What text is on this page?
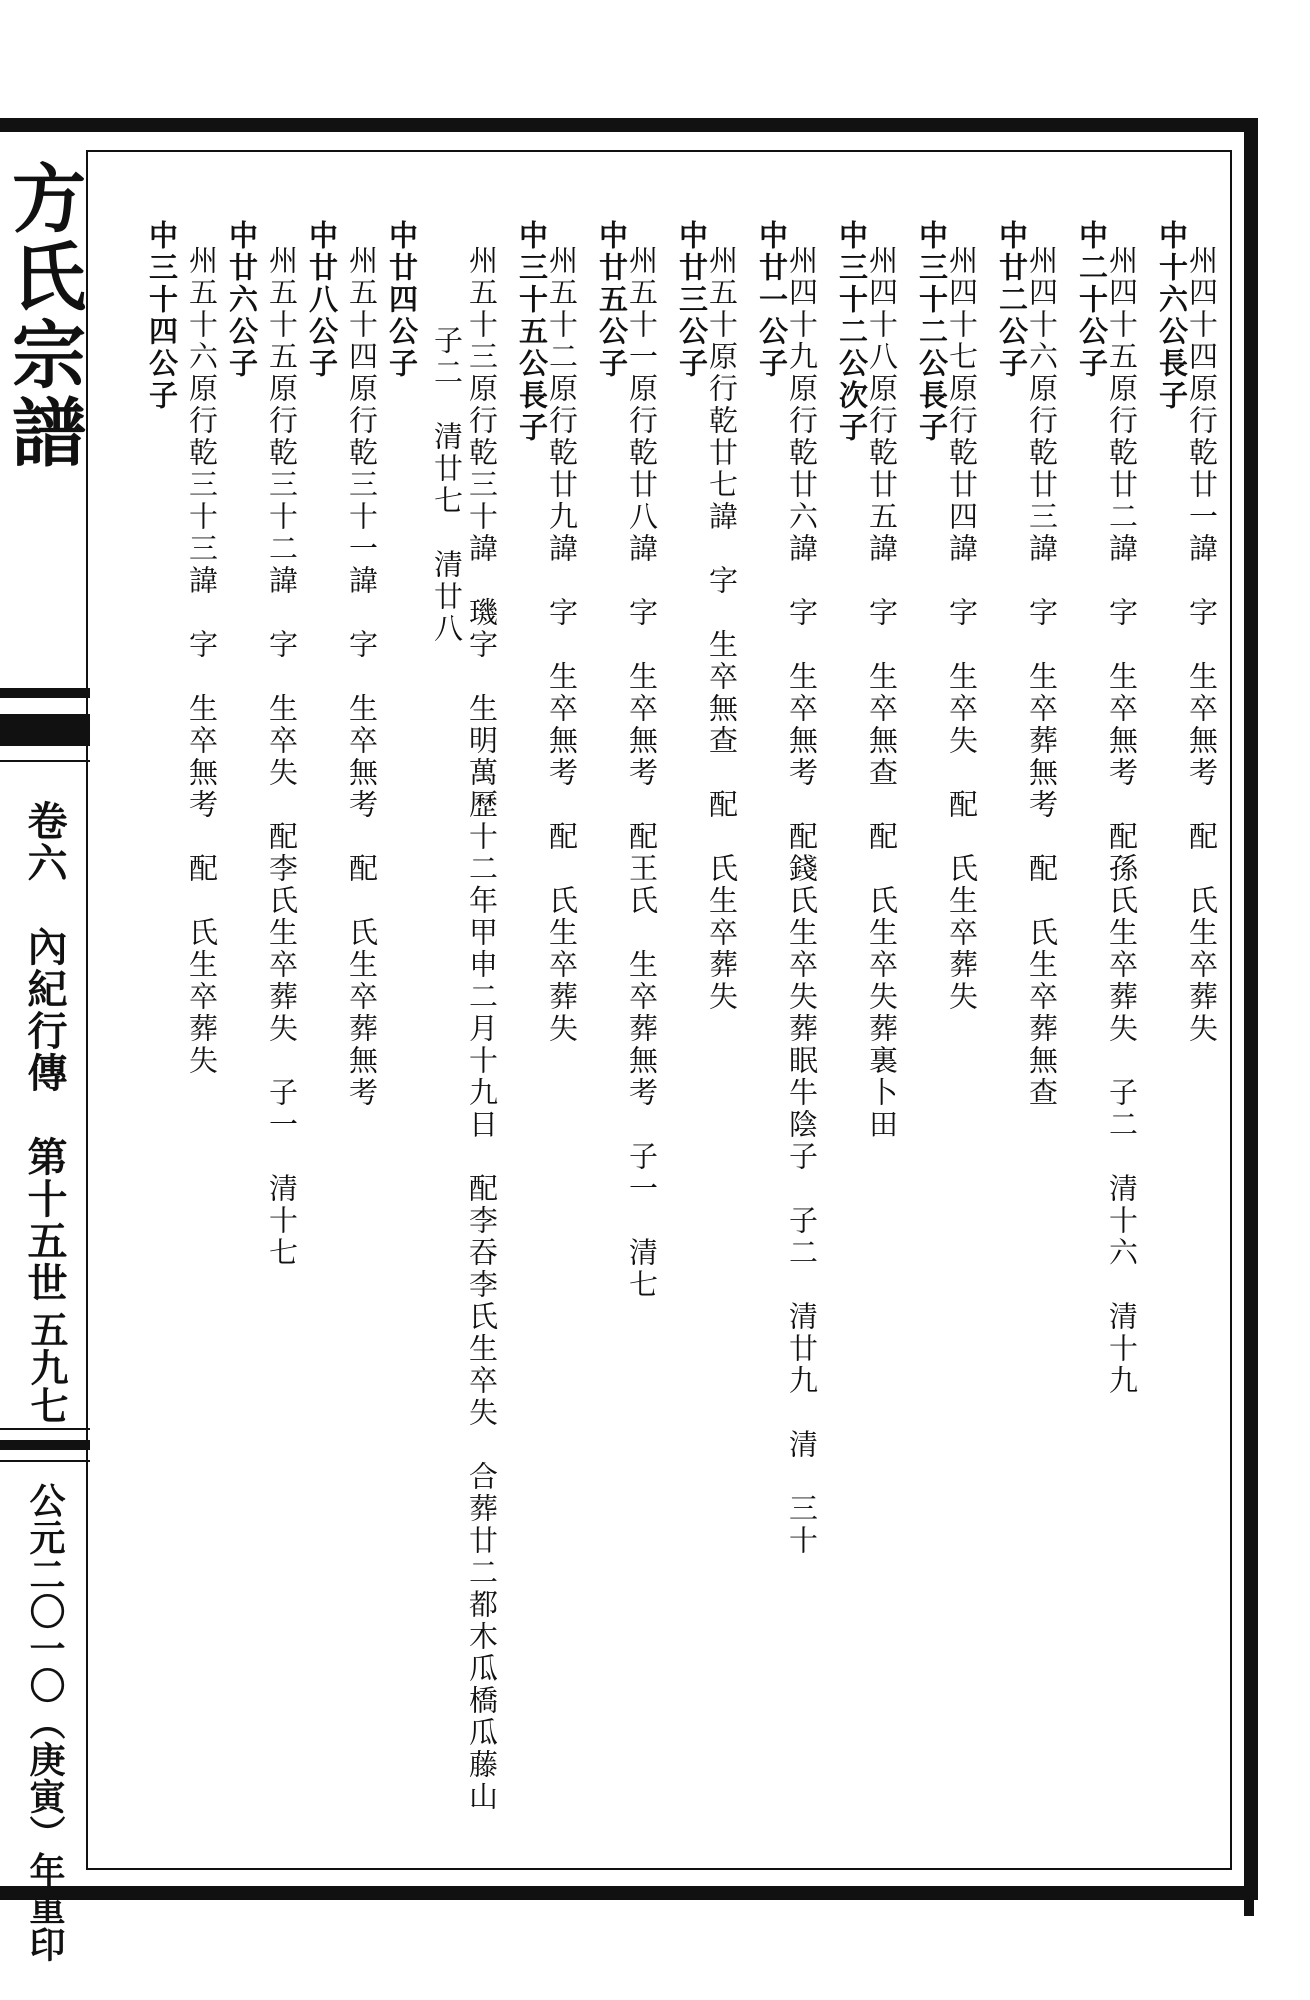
方氏宗譜
卷六　內紀行傳　第十五世
五九七
公元二〇一〇（庚寅）年重印
州四十四原行乾廿一諱　字　生卒無考　配　氏生卒葬失
中十六公長子
州四十五原行乾廿二諱　字　生卒無考　配孫氏生卒葬失　子二　清十六　清十九
中二十公子
州四十六原行乾廿三諱　字　生卒葬無考　配　氏生卒葬無查
中廿二公子
州四十七原行乾廿四諱　字　生卒失　配　氏生卒葬失
中三十二公長子
州四十八原行乾廿五諱　字　生卒無查　配　氏生卒失葬裏卜田
中三十二公次子
州四十九原行乾廿六諱　字　生卒無考　配錢氏生卒失葬眠牛陰子　子二　清廿九　清　三十
中廿一公子
州五十原行乾廿七諱　字　生卒無查　配　氏生卒葬失
中廿三公子
州五十一原行乾廿八諱　字　生卒無考　配王氏　生卒葬無考　子一　清七
中廿五公子
州五十二原行乾廿九諱　字　生卒無考　配　氏生卒葬失
中三十五公長子
州五十三原行乾三十諱　璣字　生明萬歷十二年甲申二月十九日　配李吞李氏生卒失　合葬廿二都木瓜橋瓜藤山
子二　清廿七　清廿八
中廿四公子
州五十四原行乾三十一諱　字　生卒無考　配　氏生卒葬無考
中廿八公子
州五十五原行乾三十二諱　字　生卒失　配李氏生卒葬失　子一　清十七
中廿六公子
州五十六原行乾三十三諱　字　生卒無考　配　氏生卒葬失
中三十四公子
